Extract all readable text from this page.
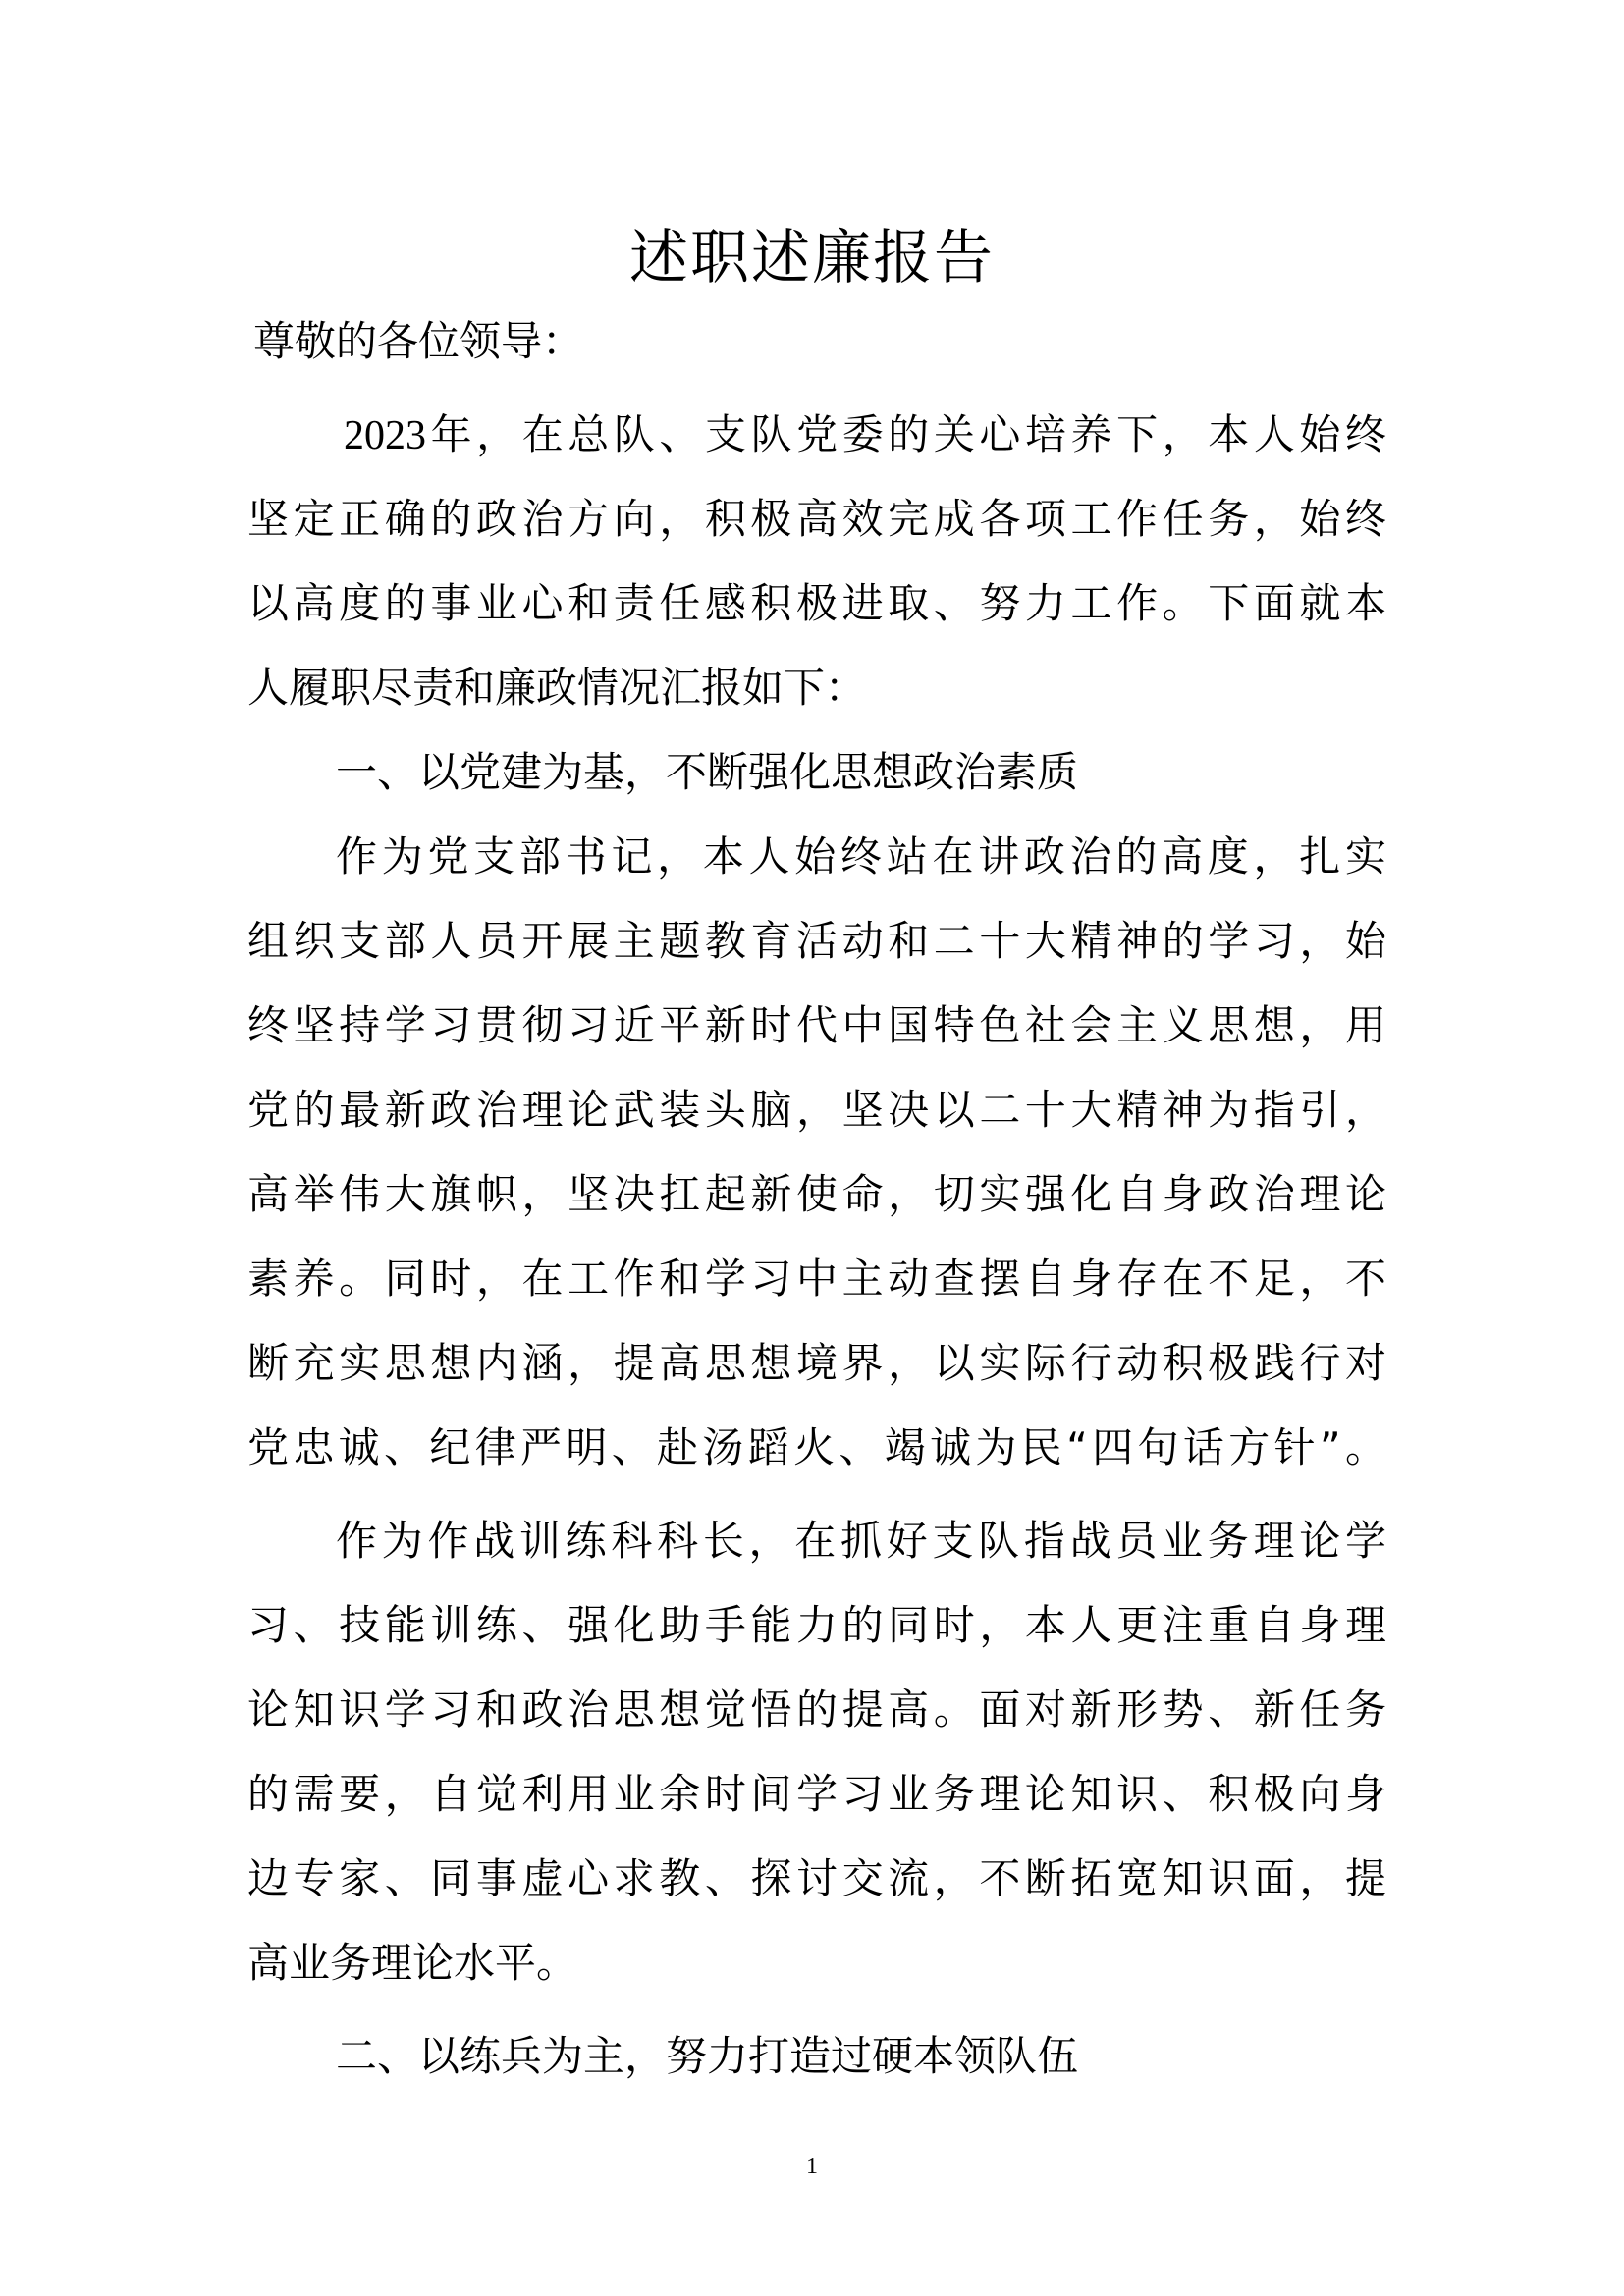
述职述廉报告
尊敬的各位领导：
2023年，在总队、支队党委的关心培养下，本人始终
坚定正确的政治方向，积极高效完成各项工作任务，始终
以高度的事业心和责任感积极进取、努力工作。下面就本
人履职尽责和廉政情况汇报如下：
一、以党建为基，不断强化思想政治素质
作为党支部书记，本人始终站在讲政治的高度，扎实
组织支部人员开展主题教育活动和二十大精神的学习，始
终坚持学习贯彻习近平新时代中国特色社会主义思想，用
党的最新政治理论武装头脑，坚决以二十大精神为指引，
高举伟大旗帜，坚决扛起新使命，切实强化自身政治理论
素养。同时，在工作和学习中主动查摆自身存在不足，不
断充实思想内涵，提高思想境界，以实际行动积极践行对
党忠诚、纪律严明、赴汤蹈火、竭诚为民“四句话方针”。
作为作战训练科科长，在抓好支队指战员业务理论学
习、技能训练、强化助手能力的同时，本人更注重自身理
论知识学习和政治思想觉悟的提高。面对新形势、新任务
的需要，自觉利用业余时间学习业务理论知识、积极向身
边专家、同事虚心求教、探讨交流，不断拓宽知识面，提
高业务理论水平。
二、以练兵为主，努力打造过硬本领队伍
1
